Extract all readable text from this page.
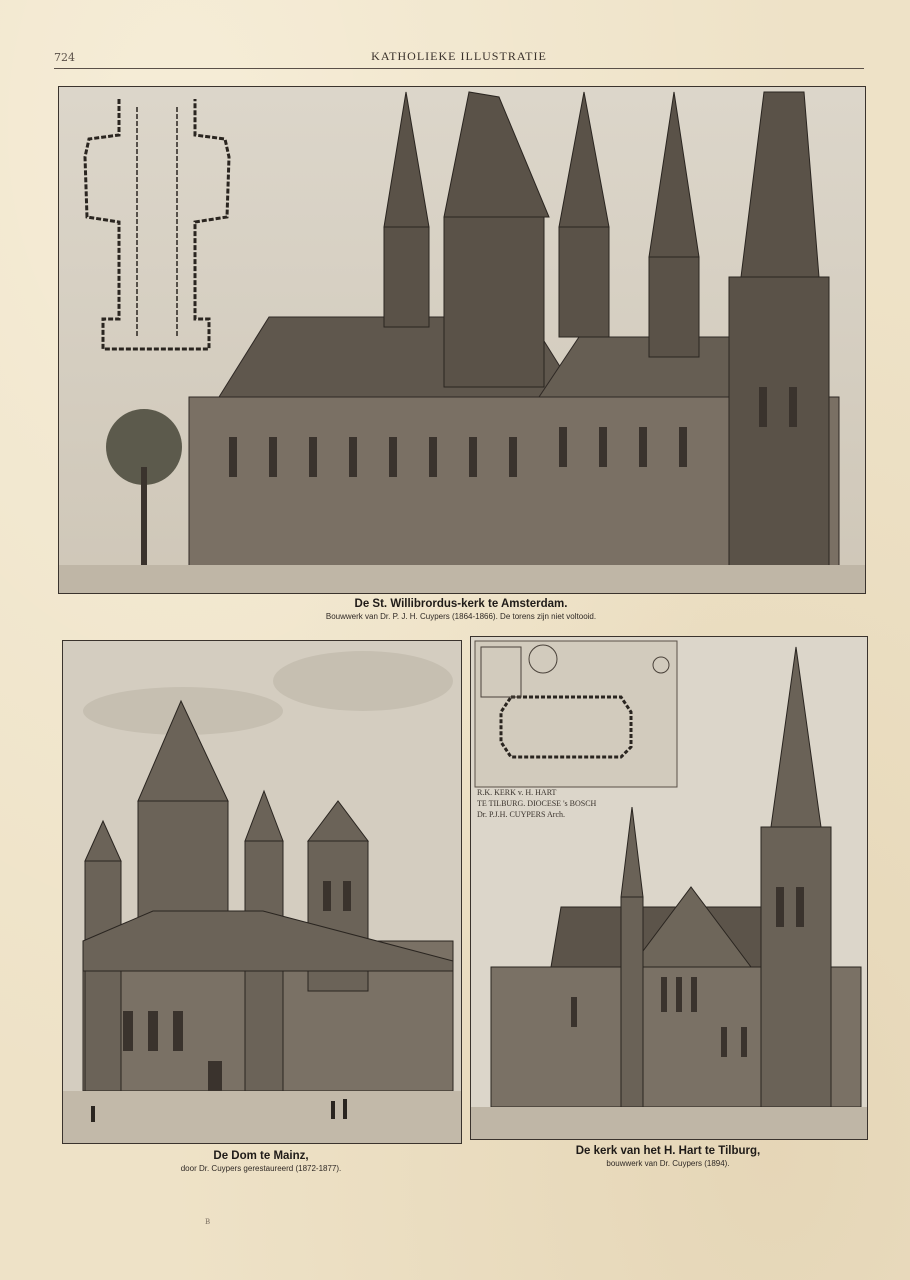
724	KATHOLIEKE ILLUSTRATIE
De St. Willibrordus-kerk te Amsterdam.
Bouwwerk van Dr. P. J. H. Cuypers (1864-1866). De torens zijn niet voltooid.
De Dom te Mainz,
door Dr. Cuypers gerestaureerd (1872-1877).
R.K. KERK v. H. HART
TE TILBURG. DIOCESE 's BOSCH
Dr. P.J.H. CUYPERS Arch.
De kerk van het H. Hart te Tilburg,
bouwwerk van Dr. Cuypers (1894).
B
